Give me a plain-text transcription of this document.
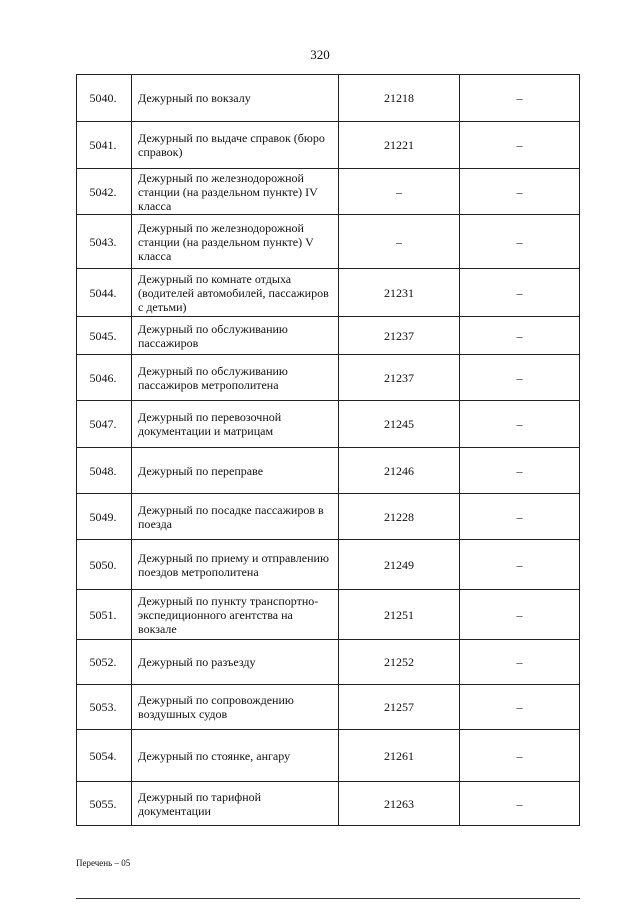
320
5040.	Дежурный по вокзалу	21218	–
5041.	Дежурный по выдаче справок (бюро справок)	21221	–
5042.	Дежурный по железнодорожной станции (на раздельном пункте) IV класса	–	–
5043.	Дежурный по железнодорожной станции (на раздельном пункте) V класса	–	–
5044.	Дежурный по комнате отдыха (водителей автомобилей, пассажиров с детьми)	21231	–
5045.	Дежурный по обслуживанию пассажиров	21237	–
5046.	Дежурный по обслуживанию пассажиров метрополитена	21237	–
5047.	Дежурный по перевозочной документации и матрицам	21245	–
5048.	Дежурный по переправе	21246	–
5049.	Дежурный по посадке пассажиров в поезда	21228	–
5050.	Дежурный по приему и отправлению поездов метрополитена	21249	–
5051.	Дежурный по пункту транспортно-экспедиционного агентства на вокзале	21251	–
5052.	Дежурный по разъезду	21252	–
5053.	Дежурный по сопровождению воздушных судов	21257	–
5054.	Дежурный по стоянке, ангару	21261	–
5055.	Дежурный по тарифной документации	21263	–
Перечень – 05
